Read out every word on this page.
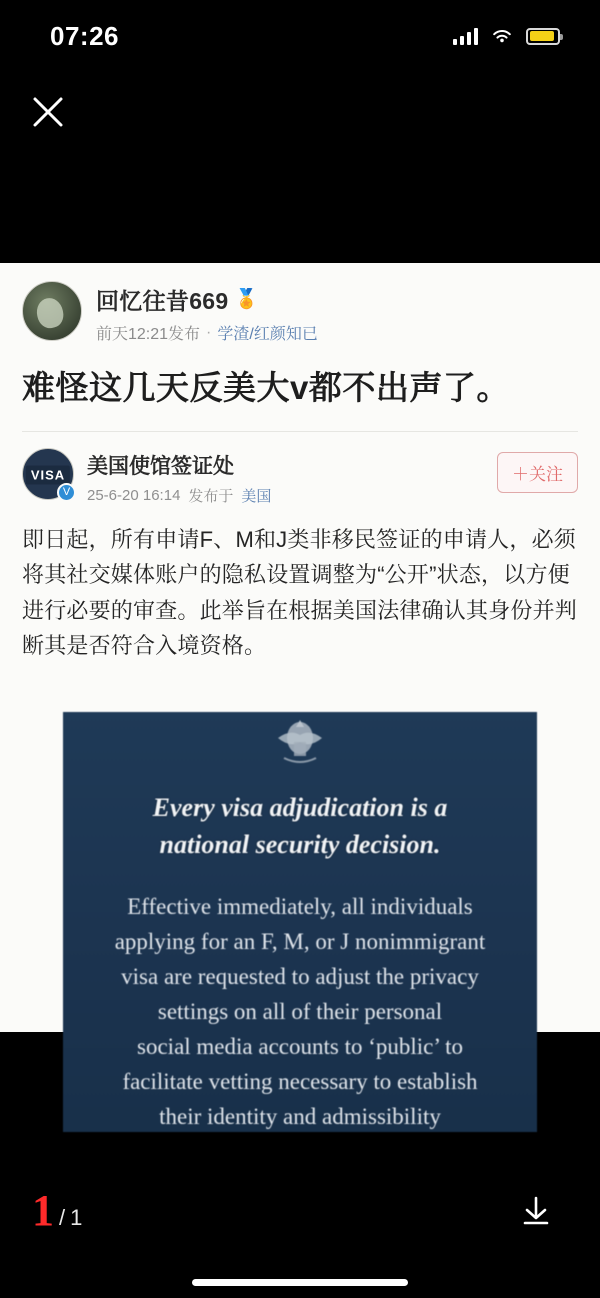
07:26
回忆往昔669 🏅
前天12:21发布 · 学渣/红颜知已
难怪这几天反美大v都不出声了。
VISA
V
美国使馆签证处
25-6-20 16:14 发布于 美国
＋关注
即日起，所有申请F、M和J类非移民签证的申请人，必须将其社交媒体账户的隐私设置调整为“公开”状态，以方便进行必要的审查。此举旨在根据美国法律确认其身份并判断其是否符合入境资格。
Every visa adjudication is a
national security decision.
Effective immediately, all individuals
applying for an F, M, or J nonimmigrant
visa are requested to adjust the privacy
settings on all of their personal
social media accounts to ‘public’ to
facilitate vetting necessary to establish
their identity and admissibility
1 / 1
